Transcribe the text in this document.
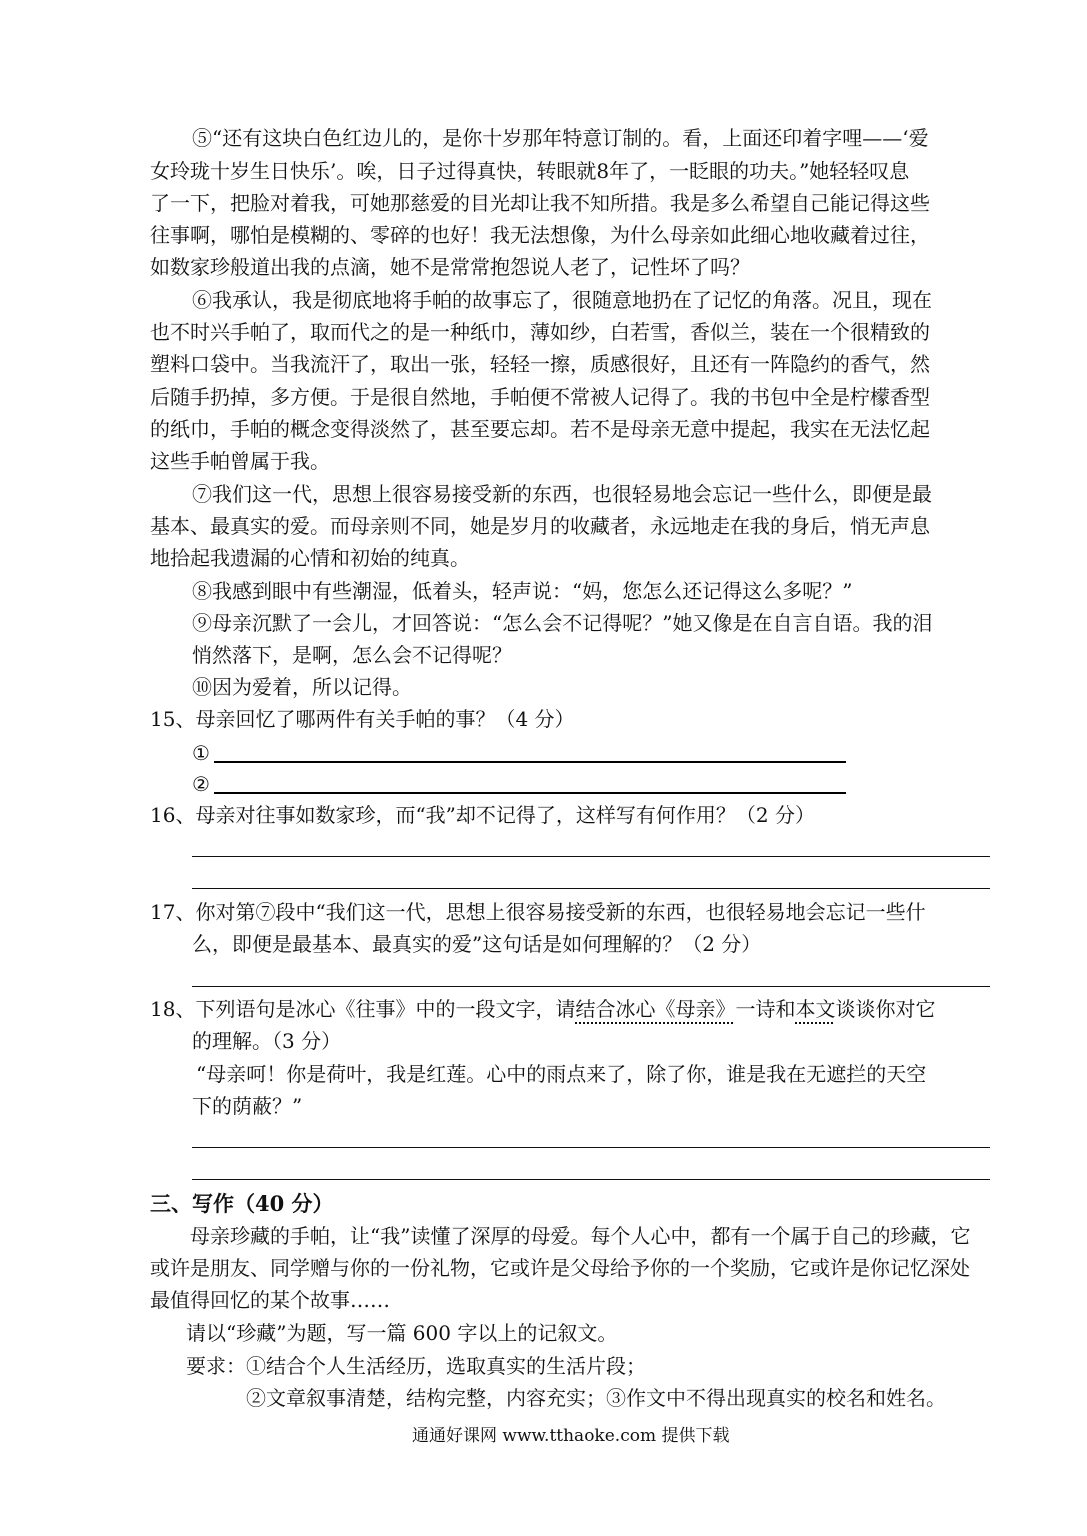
⑤“还有这块白色红边儿的，是你十岁那年特意订制的。看，上面还印着字哩——‘爱
女玲珑十岁生日快乐’。唉，日子过得真快，转眼就8年了，一眨眼的功夫。”她轻轻叹息
了一下，把脸对着我，可她那慈爱的目光却让我不知所措。我是多么希望自己能记得这些
往事啊，哪怕是模糊的、零碎的也好！我无法想像，为什么母亲如此细心地收藏着过往，
如数家珍般道出我的点滴，她不是常常抱怨说人老了，记性坏了吗？
⑥我承认，我是彻底地将手帕的故事忘了，很随意地扔在了记忆的角落。况且，现在
也不时兴手帕了，取而代之的是一种纸巾，薄如纱，白若雪，香似兰，装在一个很精致的
塑料口袋中。当我流汗了，取出一张，轻轻一擦，质感很好，且还有一阵隐约的香气，然
后随手扔掉，多方便。于是很自然地，手帕便不常被人记得了。我的书包中全是柠檬香型
的纸巾，手帕的概念变得淡然了，甚至要忘却。若不是母亲无意中提起，我实在无法忆起
这些手帕曾属于我。
⑦我们这一代，思想上很容易接受新的东西，也很轻易地会忘记一些什么，即便是最
基本、最真实的爱。而母亲则不同，她是岁月的收藏者，永远地走在我的身后，悄无声息
地拾起我遗漏的心情和初始的纯真。
⑧我感到眼中有些潮湿，低着头，轻声说：“妈，您怎么还记得这么多呢？”
⑨母亲沉默了一会儿，才回答说：“怎么会不记得呢？”她又像是在自言自语。我的泪
悄然落下，是啊，怎么会不记得呢？
⑩因为爱着，所以记得。
15、母亲回忆了哪两件有关手帕的事？（4 分）
①
②
16、母亲对往事如数家珍，而“我”却不记得了，这样写有何作用？（2 分）
17、你对第⑦段中“我们这一代，思想上很容易接受新的东西，也很轻易地会忘记一些什
么，即便是最基本、最真实的爱”这句话是如何理解的？（2 分）
18、下列语句是冰心《往事》中的一段文字，请结合冰心《母亲》一诗和本文谈谈你对它
的理解。（3 分）
“母亲呵！你是荷叶，我是红莲。心中的雨点来了，除了你，谁是我在无遮拦的天空
下的荫蔽？”
三、写作（40 分）
母亲珍藏的手帕，让“我”读懂了深厚的母爱。每个人心中，都有一个属于自己的珍藏，它
或许是朋友、同学赠与你的一份礼物，它或许是父母给予你的一个奖励，它或许是你记忆深处
最值得回忆的某个故事……
请以“珍藏”为题，写一篇 600 字以上的记叙文。
要求：①结合个人生活经历，选取真实的生活片段；
②文章叙事清楚，结构完整，内容充实；③作文中不得出现真实的校名和姓名。
通通好课网 www.tthaoke.com 提供下载
